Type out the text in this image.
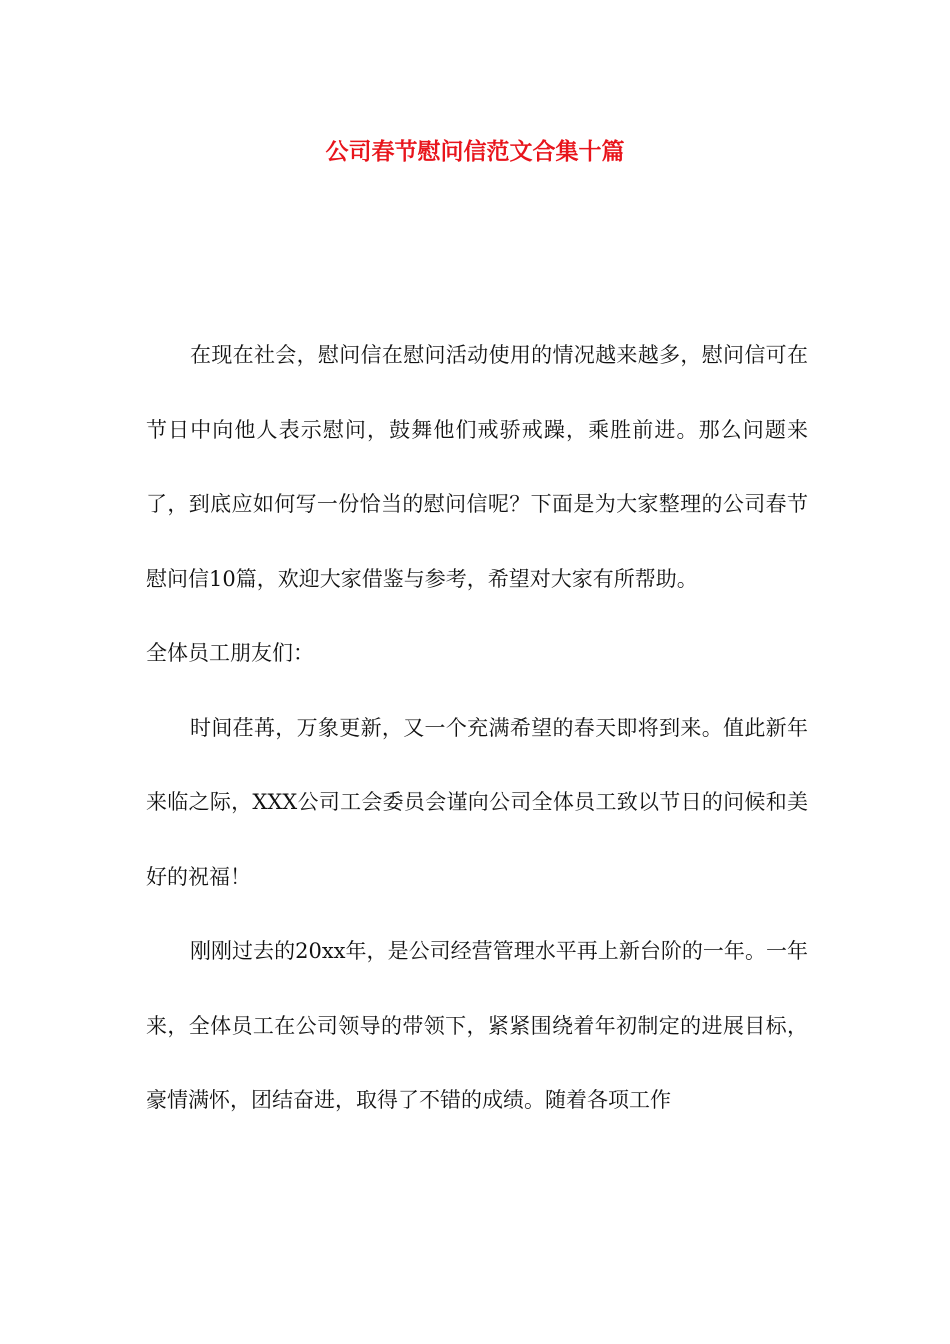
公司春节慰问信范文合集十篇

在现在社会，慰问信在慰问活动使用的情况越来越多，慰问信可在节日中向他人表示慰问，鼓舞他们戒骄戒躁，乘胜前进。那么问题来了，到底应如何写一份恰当的慰问信呢？下面是为大家整理的公司春节慰问信10篇，欢迎大家借鉴与参考，希望对大家有所帮助。

全体员工朋友们：

时间荏苒，万象更新，又一个充满希望的春天即将到来。值此新年来临之际，XXX公司工会委员会谨向公司全体员工致以节日的问候和美好的祝福！

刚刚过去的20xx年，是公司经营管理水平再上新台阶的一年。一年来，全体员工在公司领导的带领下，紧紧围绕着年初制定的进展目标，豪情满怀，团结奋进，取得了不错的成绩。随着各项工作
